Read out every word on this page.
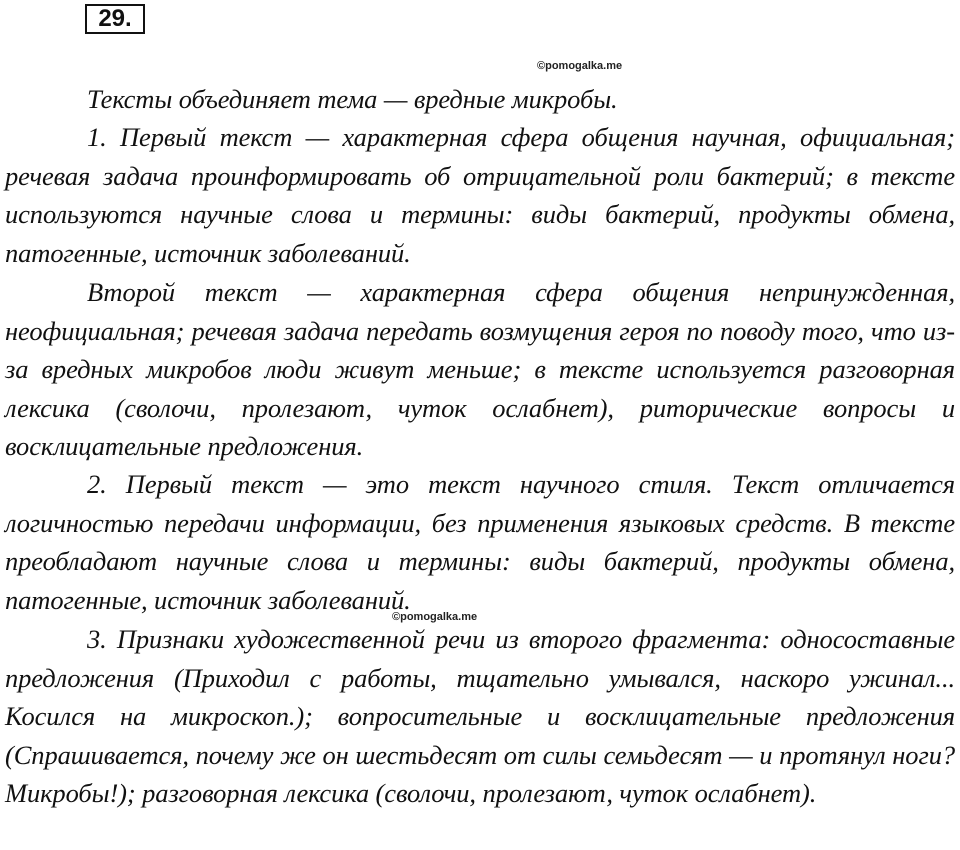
29.
©pomogalka.me

Тексты объединяет тема — вредные микробы.

1. Первый текст — характерная сфера общения научная, официальная; речевая задача проинформировать об отрицательной роли бактерий; в тексте используются научные слова и термины: виды бактерий, продукты обмена, патогенные, источник заболеваний.

Второй текст — характерная сфера общения непринужденная, неофициальная; речевая задача передать возмущения героя по поводу того, что из-за вредных микробов люди живут меньше; в тексте используется разговорная лексика (сволочи, пролезают, чуток ослабнет), риторические вопросы и восклицательные предложения.

2. Первый текст — это текст научного стиля. Текст отличается логичностью передачи информации, без применения языковых средств. В тексте преобладают научные слова и термины: виды бактерий, продукты обмена, патогенные, источник заболеваний.

3. Признаки художественной речи из второго фрагмента: односоставные предложения (Приходил с работы, тщательно умывался, наскоро ужинал... Косился на микроскоп.); вопросительные и восклицательные предложения (Спрашивается, почему же он шестьдесят от силы семьдесят — и протянул ноги? Микробы!); разговорная лексика (сволочи, пролезают, чуток ослабнет).

©pomogalka.me
